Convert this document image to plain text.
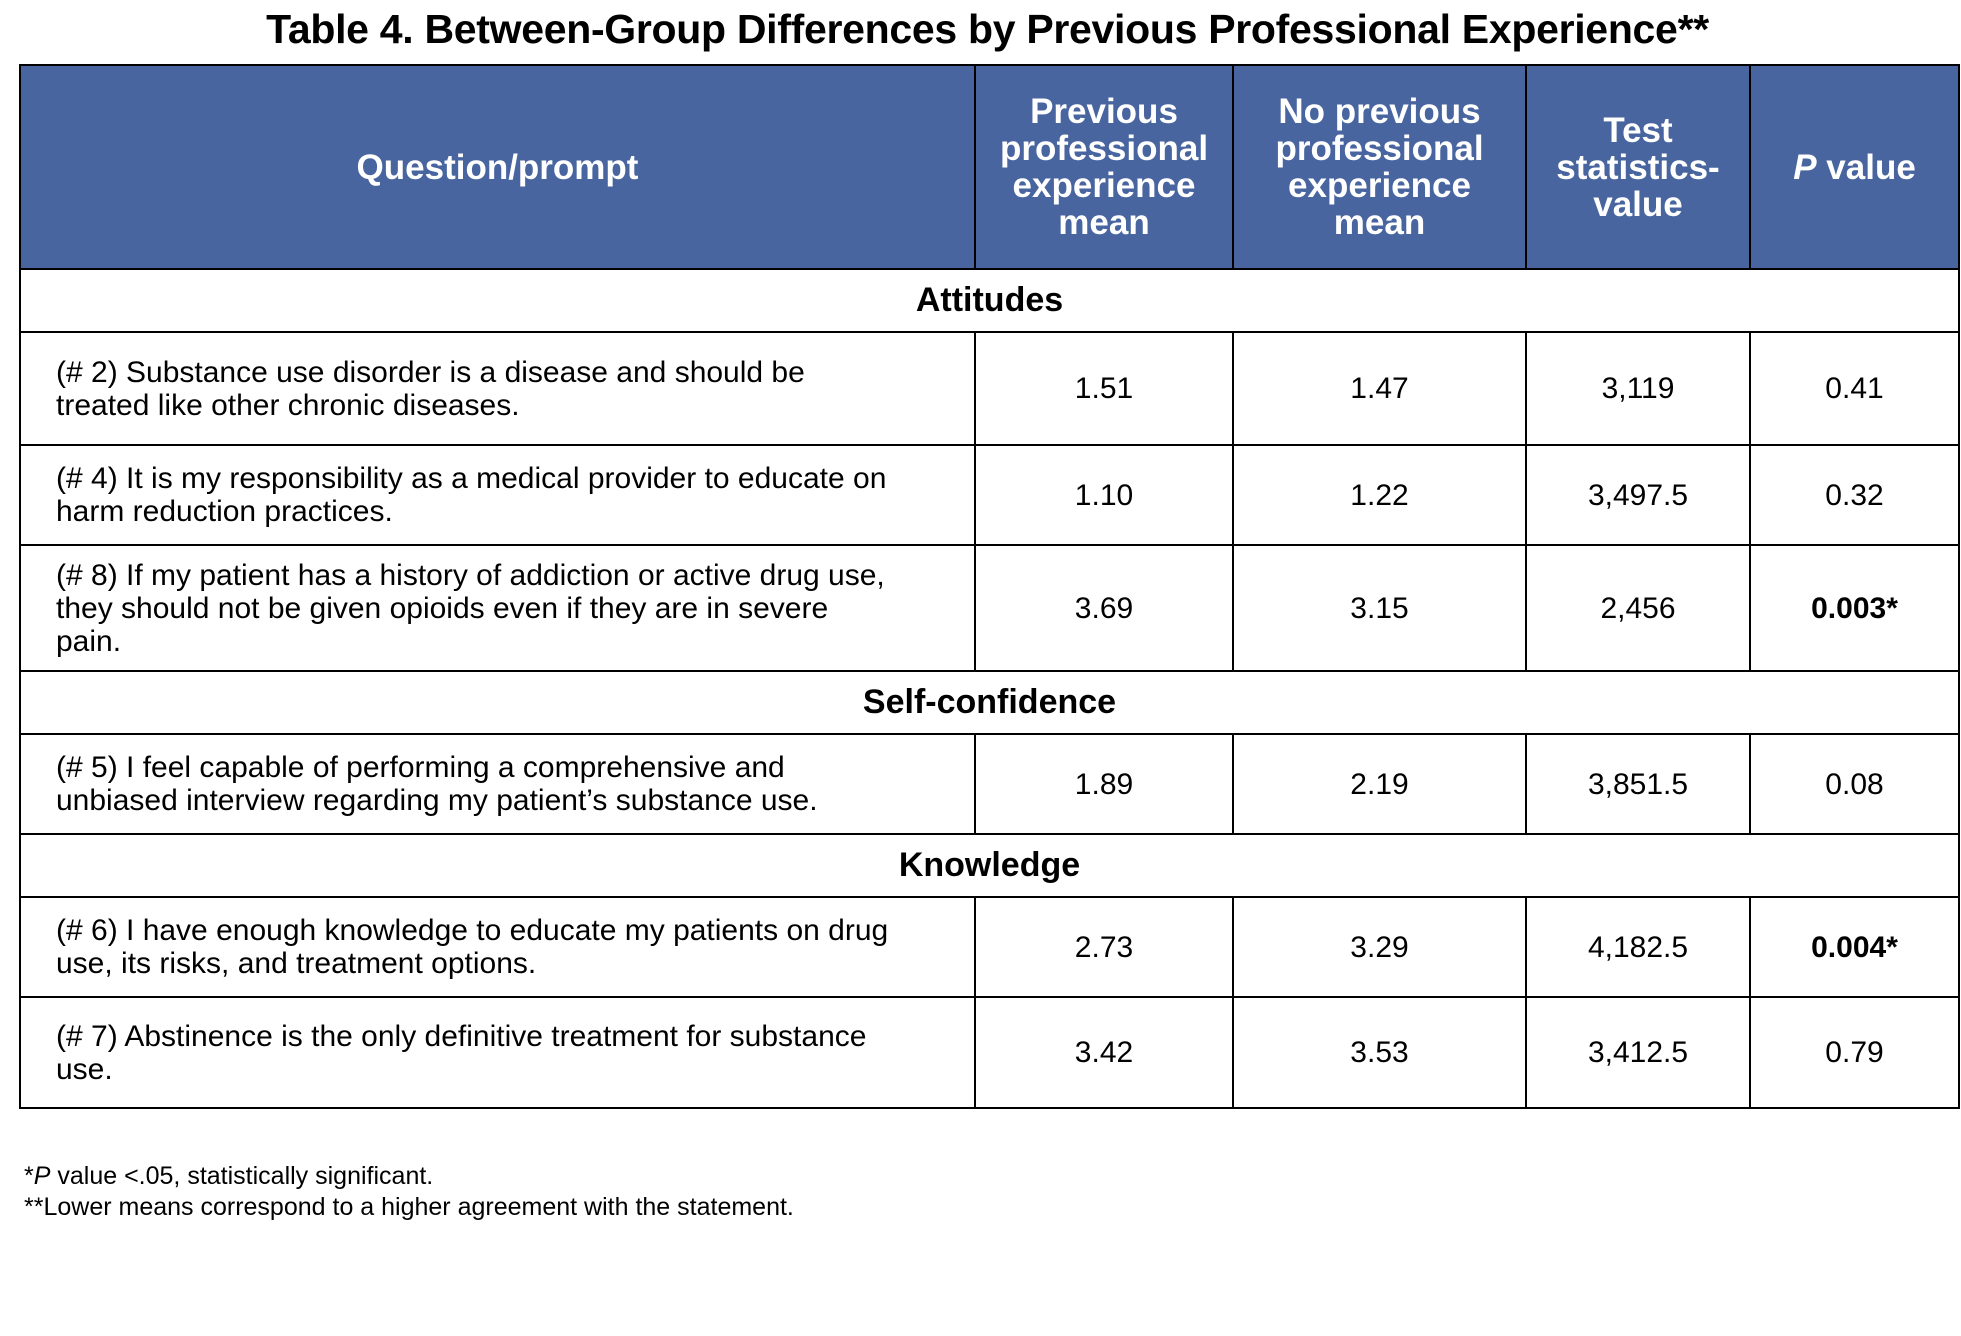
Table 4. Between-Group Differences by Previous Professional Experience**
Question/prompt	Previous
professional
experience
mean	No previous
professional
experience
mean	Test
statistics-
value	P value
Attitudes				
(# 2) Substance use disorder is a disease and should be
treated like other chronic diseases.	1.51	1.47	3,119	0.41
(# 4) It is my responsibility as a medical provider to educate on
harm reduction practices.	1.10	1.22	3,497.5	0.32
(# 8) If my patient has a history of addiction or active drug use,
they should not be given opioids even if they are in severe
pain.	3.69	3.15	2,456	0.003*
Self-confidence				
(# 5) I feel capable of performing a comprehensive and
unbiased interview regarding my patient’s substance use.	1.89	2.19	3,851.5	0.08
Knowledge				
(# 6) I have enough knowledge to educate my patients on drug
use, its risks, and treatment options.	2.73	3.29	4,182.5	0.004*
(# 7) Abstinence is the only definitive treatment for substance
use.	3.42	3.53	3,412.5	0.79
*P value <.05, statistically significant.
**Lower means correspond to a higher agreement with the statement.
